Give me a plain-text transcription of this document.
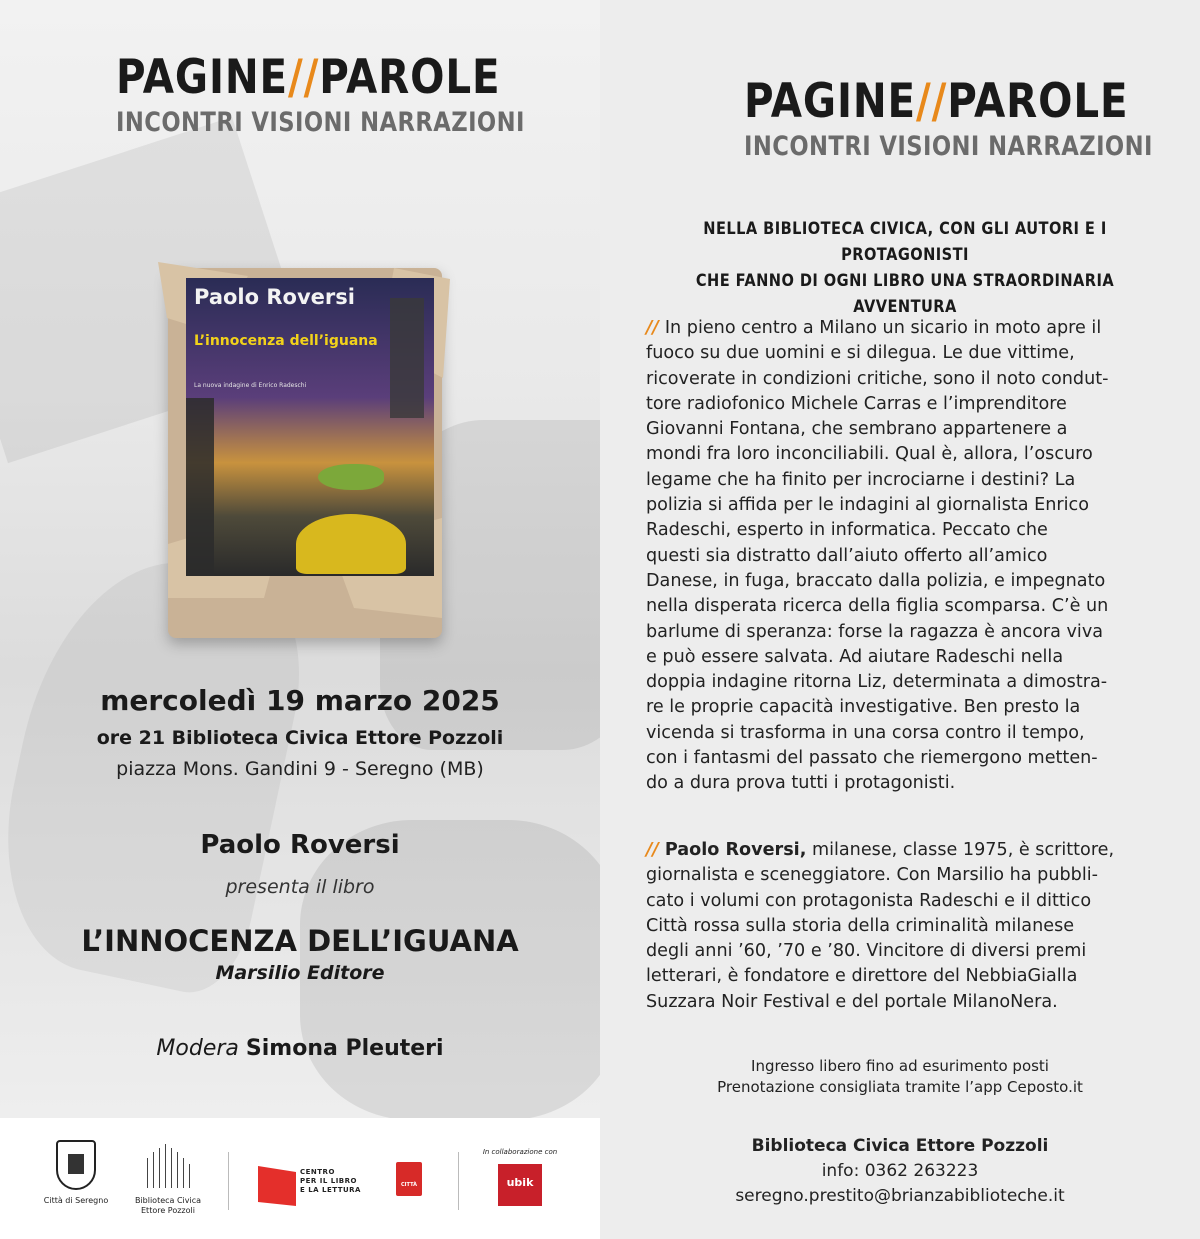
PAGINE//PAROLE
INCONTRI VISIONI NARRAZIONI
Paolo Roversi
L’innocenza dell’iguana
La nuova indagine di Enrico Radeschi
mercoledì 19 marzo 2025
ore 21 Biblioteca Civica Ettore Pozzoli
piazza Mons. Gandini 9 - Seregno (MB)
Paolo Roversi
presenta il libro
L’INNOCENZA DELL’IGUANA
Marsilio Editore
Modera Simona Pleuteri
Città di Seregno	Biblioteca Civica
Ettore Pozzoli
CENTRO
PER IL LIBRO
E LA LETTURA
CITTÀ
In collaborazione con
ubik
PAGINE//PAROLE
INCONTRI VISIONI NARRAZIONI
NELLA BIBLIOTECA CIVICA, CON GLI AUTORI E I PROTAGONISTI
CHE FANNO DI OGNI LIBRO UNA STRAORDINARIA AVVENTURA
// In pieno centro a Milano un sicario in moto apre il
fuoco su due uomini e si dilegua. Le due vittime,
ricoverate in condizioni critiche, sono il noto condut-
tore radiofonico Michele Carras e l’imprenditore
Giovanni Fontana, che sembrano appartenere a
mondi fra loro inconciliabili. Qual è, allora, l’oscuro
legame che ha finito per incrociarne i destini? La
polizia si affida per le indagini al giornalista Enrico
Radeschi, esperto in informatica. Peccato che
questi sia distratto dall’aiuto offerto all’amico
Danese, in fuga, braccato dalla polizia, e impegnato
nella disperata ricerca della figlia scomparsa. C’è un
barlume di speranza: forse la ragazza è ancora viva
e può essere salvata. Ad aiutare Radeschi nella
doppia indagine ritorna Liz, determinata a dimostra-
re le proprie capacità investigative. Ben presto la
vicenda si trasforma in una corsa contro il tempo,
con i fantasmi del passato che riemergono metten-
do a dura prova tutti i protagonisti.
// Paolo Roversi, milanese, classe 1975, è scrittore,
giornalista e sceneggiatore. Con Marsilio ha pubbli-
cato i volumi con protagonista Radeschi e il dittico
Città rossa sulla storia della criminalità milanese
degli anni ’60, ’70 e ’80. Vincitore di diversi premi
letterari, è fondatore e direttore del NebbiaGialla
Suzzara Noir Festival e del portale MilanoNera.
Ingresso libero fino ad esurimento posti
Prenotazione consigliata tramite l’app Ceposto.it
Biblioteca Civica Ettore Pozzoli
info: 0362 263223
seregno.prestito@brianzabiblioteche.it
